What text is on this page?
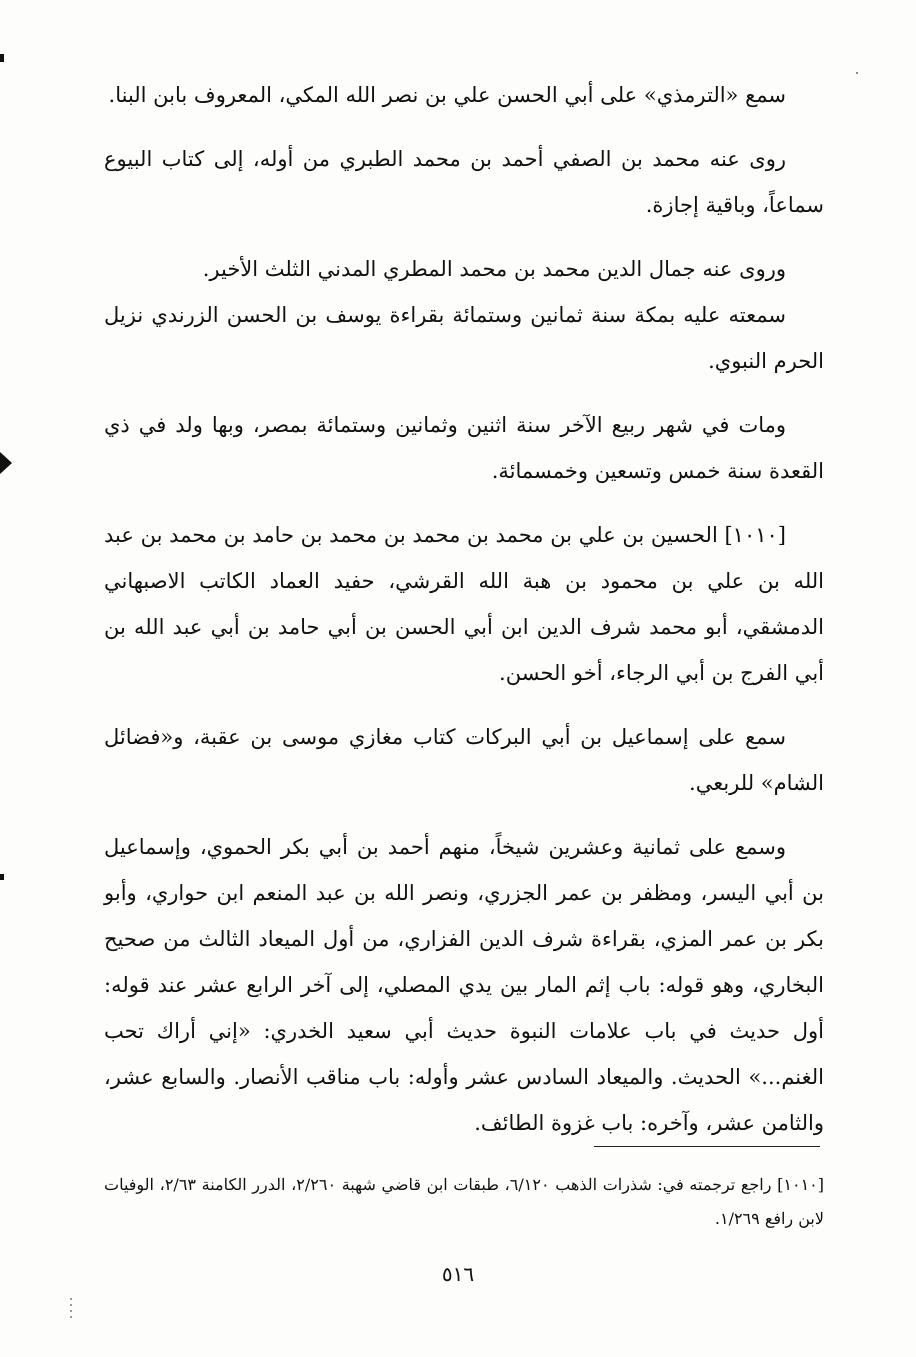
سمع «الترمذي» على أبي الحسن علي بن نصر الله المكي، المعروف بابن البنا.

روى عنه محمد بن الصفي أحمد بن محمد الطبري من أوله، إلى كتاب البيوع سماعاً، وباقية إجازة.

وروى عنه جمال الدين محمد بن محمد المطري المدني الثلث الأخير.

سمعته عليه بمكة سنة ثمانين وستمائة بقراءة يوسف بن الحسن الزرندي نزيل الحرم النبوي.

ومات في شهر ربيع الآخر سنة اثنين وثمانين وستمائة بمصر، وبها ولد في ذي القعدة سنة خمس وتسعين وخمسمائة.

[١٠١٠] الحسين بن علي بن محمد بن محمد بن محمد بن حامد بن محمد بن عبد الله بن علي بن محمود بن هبة الله القرشي، حفيد العماد الكاتب الاصبهاني الدمشقي، أبو محمد شرف الدين ابن أبي الحسن بن أبي حامد بن أبي عبد الله بن أبي الفرج بن أبي الرجاء، أخو الحسن.

سمع على إسماعيل بن أبي البركات كتاب مغازي موسى بن عقبة، و«فضائل الشام» للربعي.

وسمع على ثمانية وعشرين شيخاً، منهم أحمد بن أبي بكر الحموي، وإسماعيل بن أبي اليسر، ومظفر بن عمر الجزري، ونصر الله بن عبد المنعم ابن حواري، وأبو بكر بن عمر المزي، بقراءة شرف الدين الفزاري، من أول الميعاد الثالث من صحيح البخاري، وهو قوله: باب إثم المار بين يدي المصلي، إلى آخر الرابع عشر عند قوله: أول حديث في باب علامات النبوة حديث أبي سعيد الخدري: «إني أراك تحب الغنم...» الحديث. والميعاد السادس عشر وأوله: باب مناقب الأنصار. والسابع عشر، والثامن عشر، وآخره: باب غزوة الطائف.

[١٠١٠] راجع ترجمته في: شذرات الذهب ٦/١٢٠، طبقات ابن قاضي شهبة ٢/٢٦٠، الدرر الكامنة ٢/٦٣، الوفيات لابن رافع ١/٢٦٩.

٥١٦
